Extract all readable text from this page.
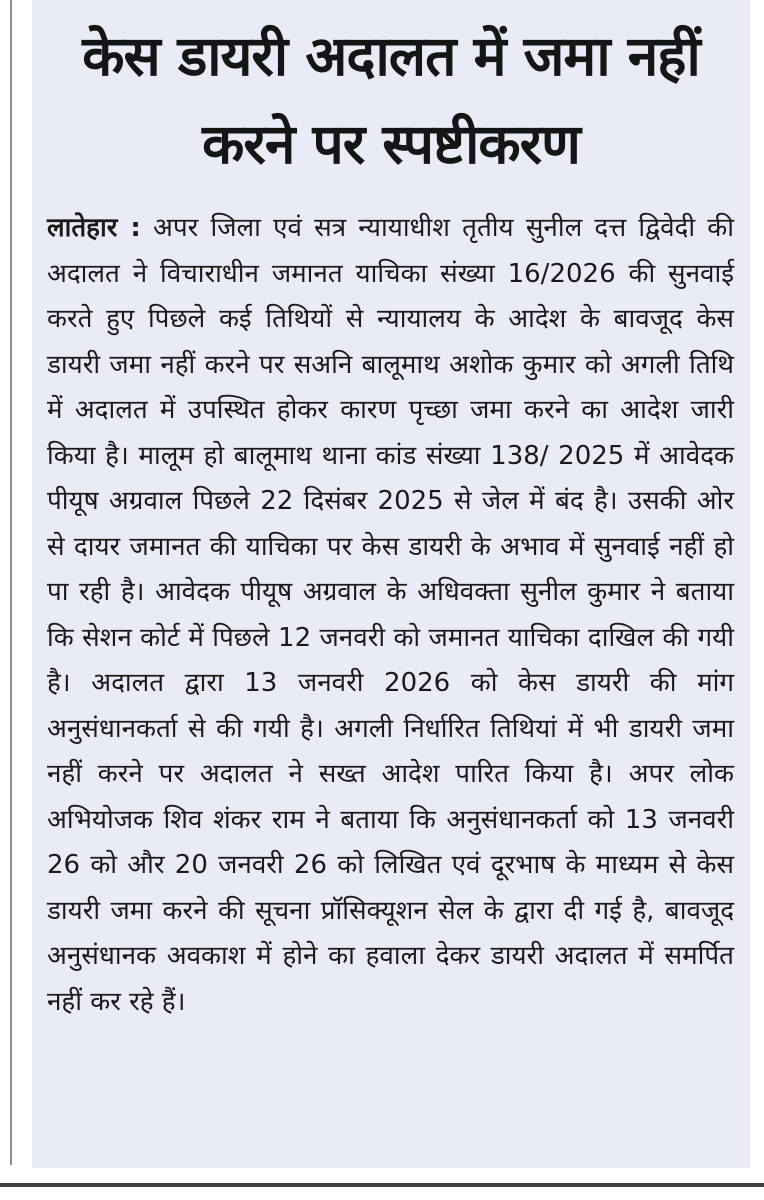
केस डायरी अदालत में जमा नहीं करने पर स्पष्टीकरण

लातेहार : अपर जिला एवं सत्र न्यायाधीश तृतीय सुनील दत्त द्विवेदी की अदालत ने विचाराधीन जमानत याचिका संख्या 16/2026 की सुनवाई करते हुए पिछले कई तिथियों से न्यायालय के आदेश के बावजूद केस डायरी जमा नहीं करने पर सअनि बालूमाथ अशोक कुमार को अगली तिथि में अदालत में उपस्थित होकर कारण पृच्छा जमा करने का आदेश जारी किया है। मालूम हो बालूमाथ थाना कांड संख्या 138/ 2025 में आवेदक पीयूष अग्रवाल पिछले 22 दिसंबर 2025 से जेल में बंद है। उसकी ओर से दायर जमानत की याचिका पर केस डायरी के अभाव में सुनवाई नहीं हो पा रही है। आवेदक पीयूष अग्रवाल के अधिवक्ता सुनील कुमार ने बताया कि सेशन कोर्ट में पिछले 12 जनवरी को जमानत याचिका दाखिल की गयी है। अदालत द्वारा 13 जनवरी 2026 को केस डायरी की मांग अनुसंधानकर्ता से की गयी है। अगली निर्धारित तिथियां में भी डायरी जमा नहीं करने पर अदालत ने सख्त आदेश पारित किया है। अपर लोक अभियोजक शिव शंकर राम ने बताया कि अनुसंधानकर्ता को 13 जनवरी 26 को और 20 जनवरी 26 को लिखित एवं दूरभाष के माध्यम से केस डायरी जमा करने की सूचना प्रॉसिक्यूशन सेल के द्वारा दी गई है, बावजूद अनुसंधानक अवकाश में होने का हवाला देकर डायरी अदालत में समर्पित नहीं कर रहे हैं।
